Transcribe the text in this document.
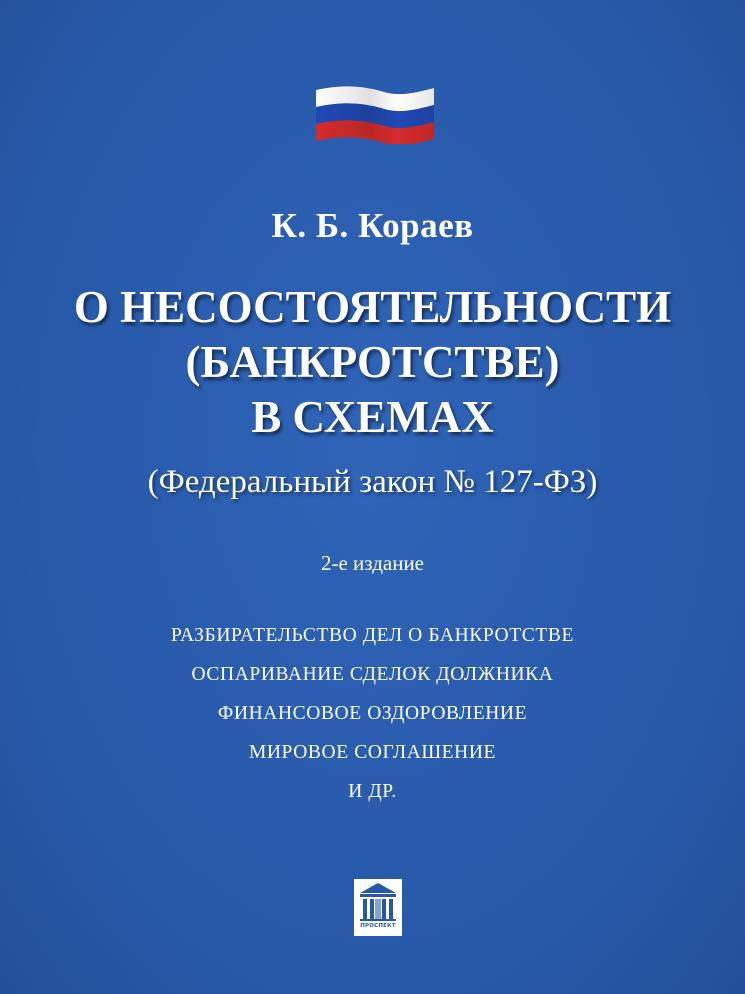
К. Б. Кораев
О НЕСОСТОЯТЕЛЬНОСТИ
(БАНКРОТСТВЕ)
В СХЕМАХ
(Федеральный закон № 127-ФЗ)
2-е издание
РАЗБИРАТЕЛЬСТВО ДЕЛ О БАНКРОТСТВЕ
ОСПАРИВАНИЕ СДЕЛОК ДОЛЖНИКА
ФИНАНСОВОЕ ОЗДОРОВЛЕНИЕ
МИРОВОЕ СОГЛАШЕНИЕ
И ДР.
ПРОСПЕКТ
